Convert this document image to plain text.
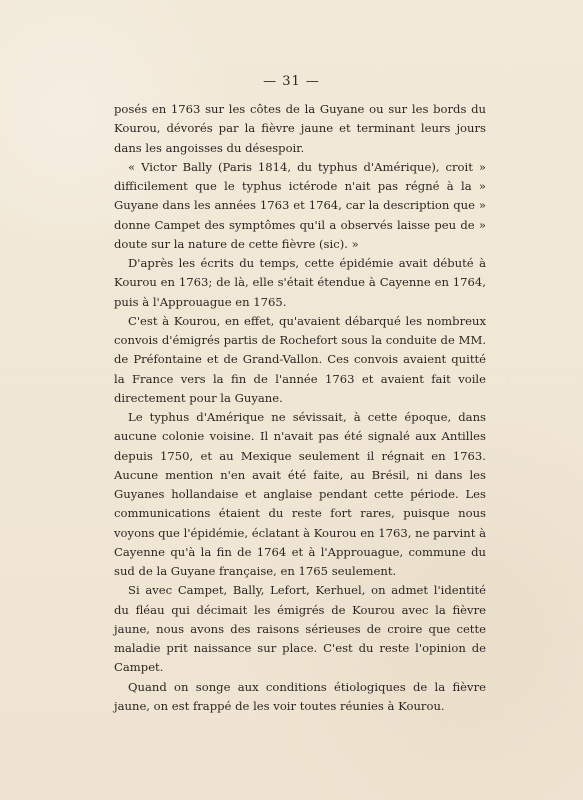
— 31 —

posés en 1763 sur les côtes de la Guyane ou sur les bords du Kourou, dévorés par la fièvre jaune et terminant leurs jours dans les angoisses du désespoir.

« Victor Bally (Paris 1814, du typhus d'Amérique), croit » difficilement que le typhus ictérode n'ait pas régné à la » Guyane dans les années 1763 et 1764, car la description que » donne Campet des symptômes qu'il a observés laisse peu de » doute sur la nature de cette fièvre (sic). »

D'après les écrits du temps, cette épidémie avait débuté à Kourou en 1763; de là, elle s'était étendue à Cayenne en 1764, puis à l'Approuague en 1765.

C'est à Kourou, en effet, qu'avaient débarqué les nombreux convois d'émigrés partis de Rochefort sous la conduite de MM. de Préfontaine et de Grand-Vallon. Ces convois avaient quitté la France vers la fin de l'année 1763 et avaient fait voile directement pour la Guyane.

Le typhus d'Amérique ne sévissait, à cette époque, dans aucune colonie voisine. Il n'avait pas été signalé aux Antilles depuis 1750, et au Mexique seulement il régnait en 1763. Aucune mention n'en avait été faite, au Brésil, ni dans les Guyanes hollandaise et anglaise pendant cette période. Les communications étaient du reste fort rares, puisque nous voyons que l'épidémie, éclatant à Kourou en 1763, ne parvint à Cayenne qu'à la fin de 1764 et à l'Approuague, commune du sud de la Guyane française, en 1765 seulement.

Si avec Campet, Bally, Lefort, Kerhuel, on admet l'identité du fléau qui décimait les émigrés de Kourou avec la fièvre jaune, nous avons des raisons sérieuses de croire que cette maladie prit naissance sur place. C'est du reste l'opinion de Campet.

Quand on songe aux conditions étiologiques de la fièvre jaune, on est frappé de les voir toutes réunies à Kourou.
